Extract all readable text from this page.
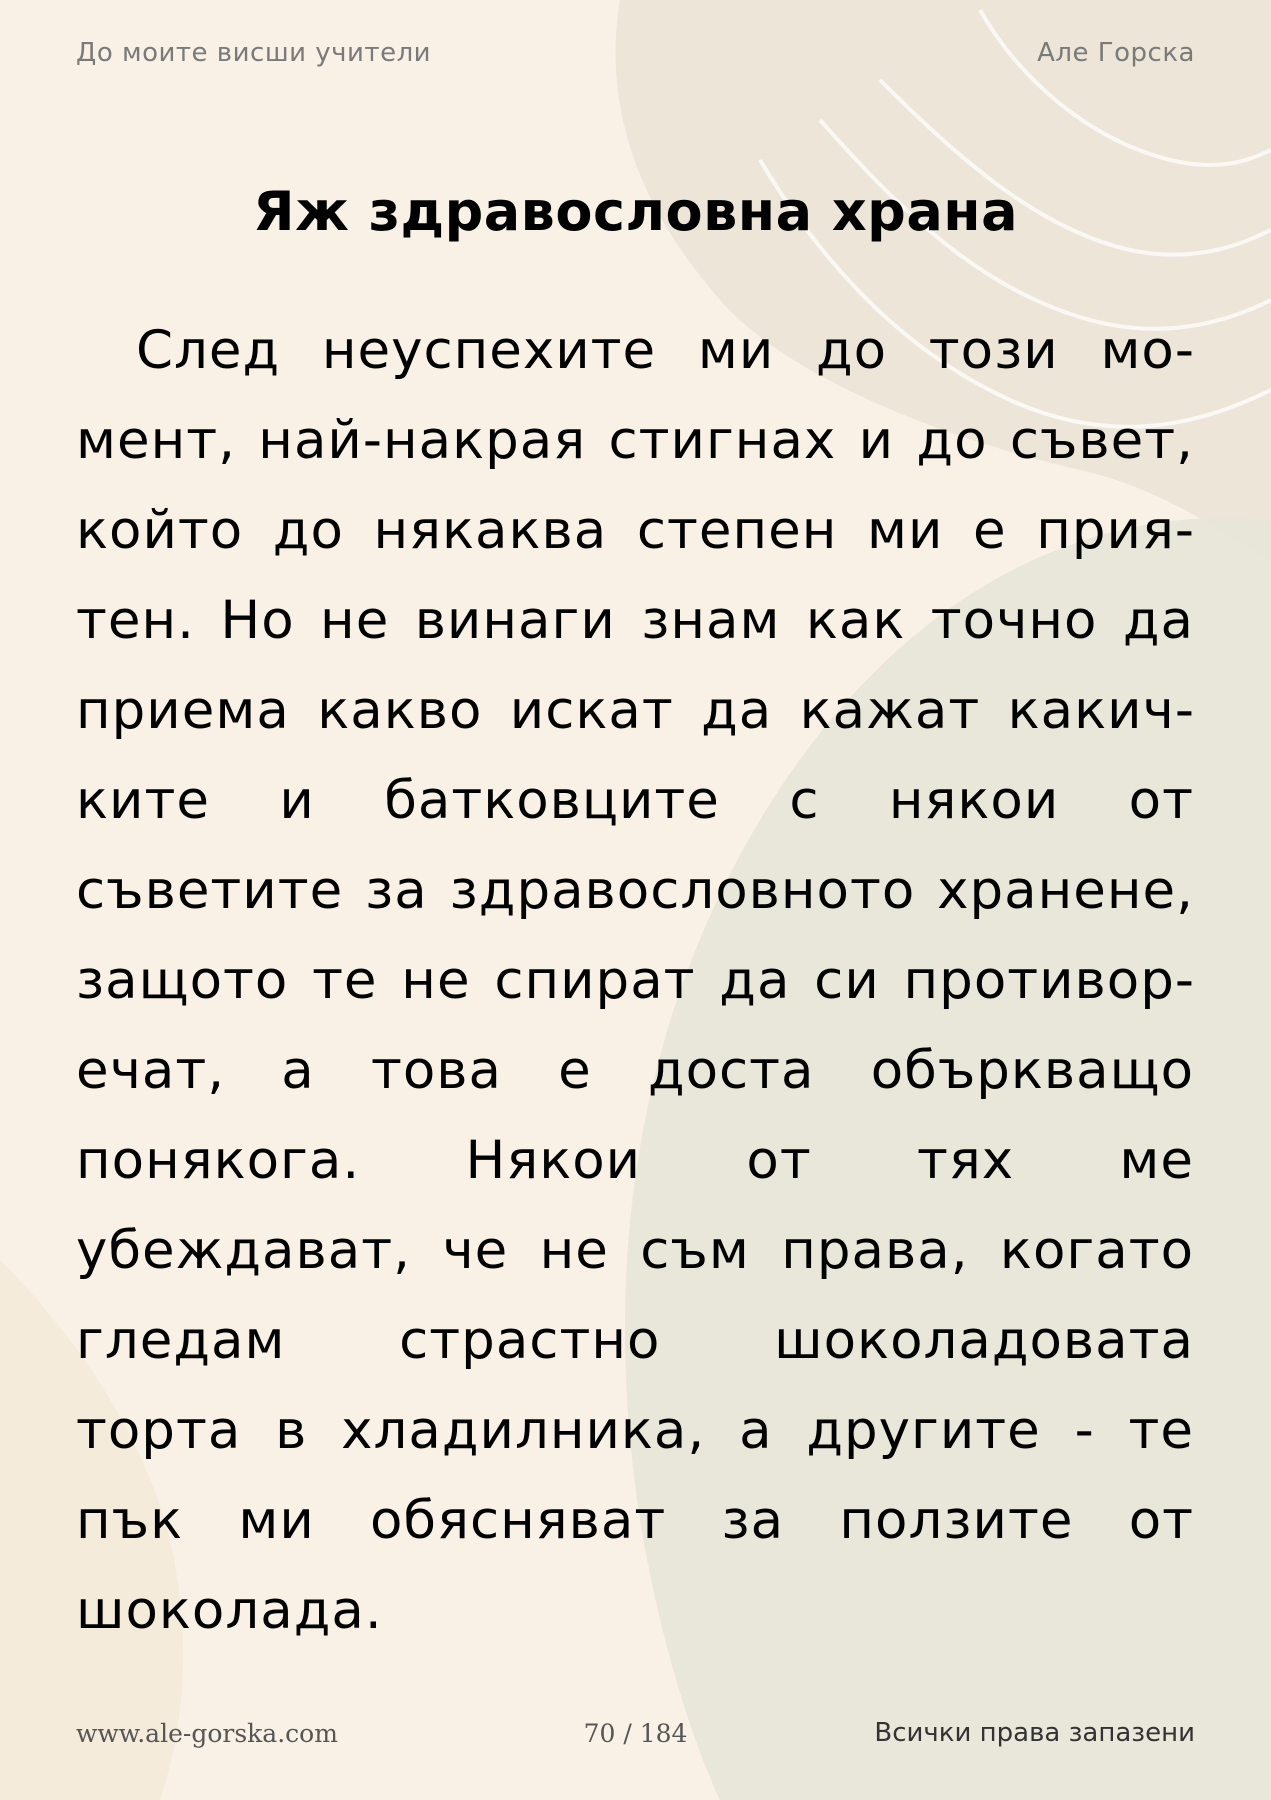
До моите висши учители	Але Горска
Яж здравословна храна

След неуспехите ми до този момент, най-накрая стигнах и до съвет, който до някаква степен ми е приятен. Но не винаги знам как точно да приема какво искат да кажат какичките и батковците с някои от съветите за здравословното хранене, защото те не спират да си противоречат, а това е доста объркващо понякога. Някои от тях ме убеждават, че не съм права, когато гледам страстно шоколадовата торта в хладилника, а другите - те пък ми обясняват за ползите от шоколада.

www.ale-gorska.com	70 / 184	Всички права запазени
